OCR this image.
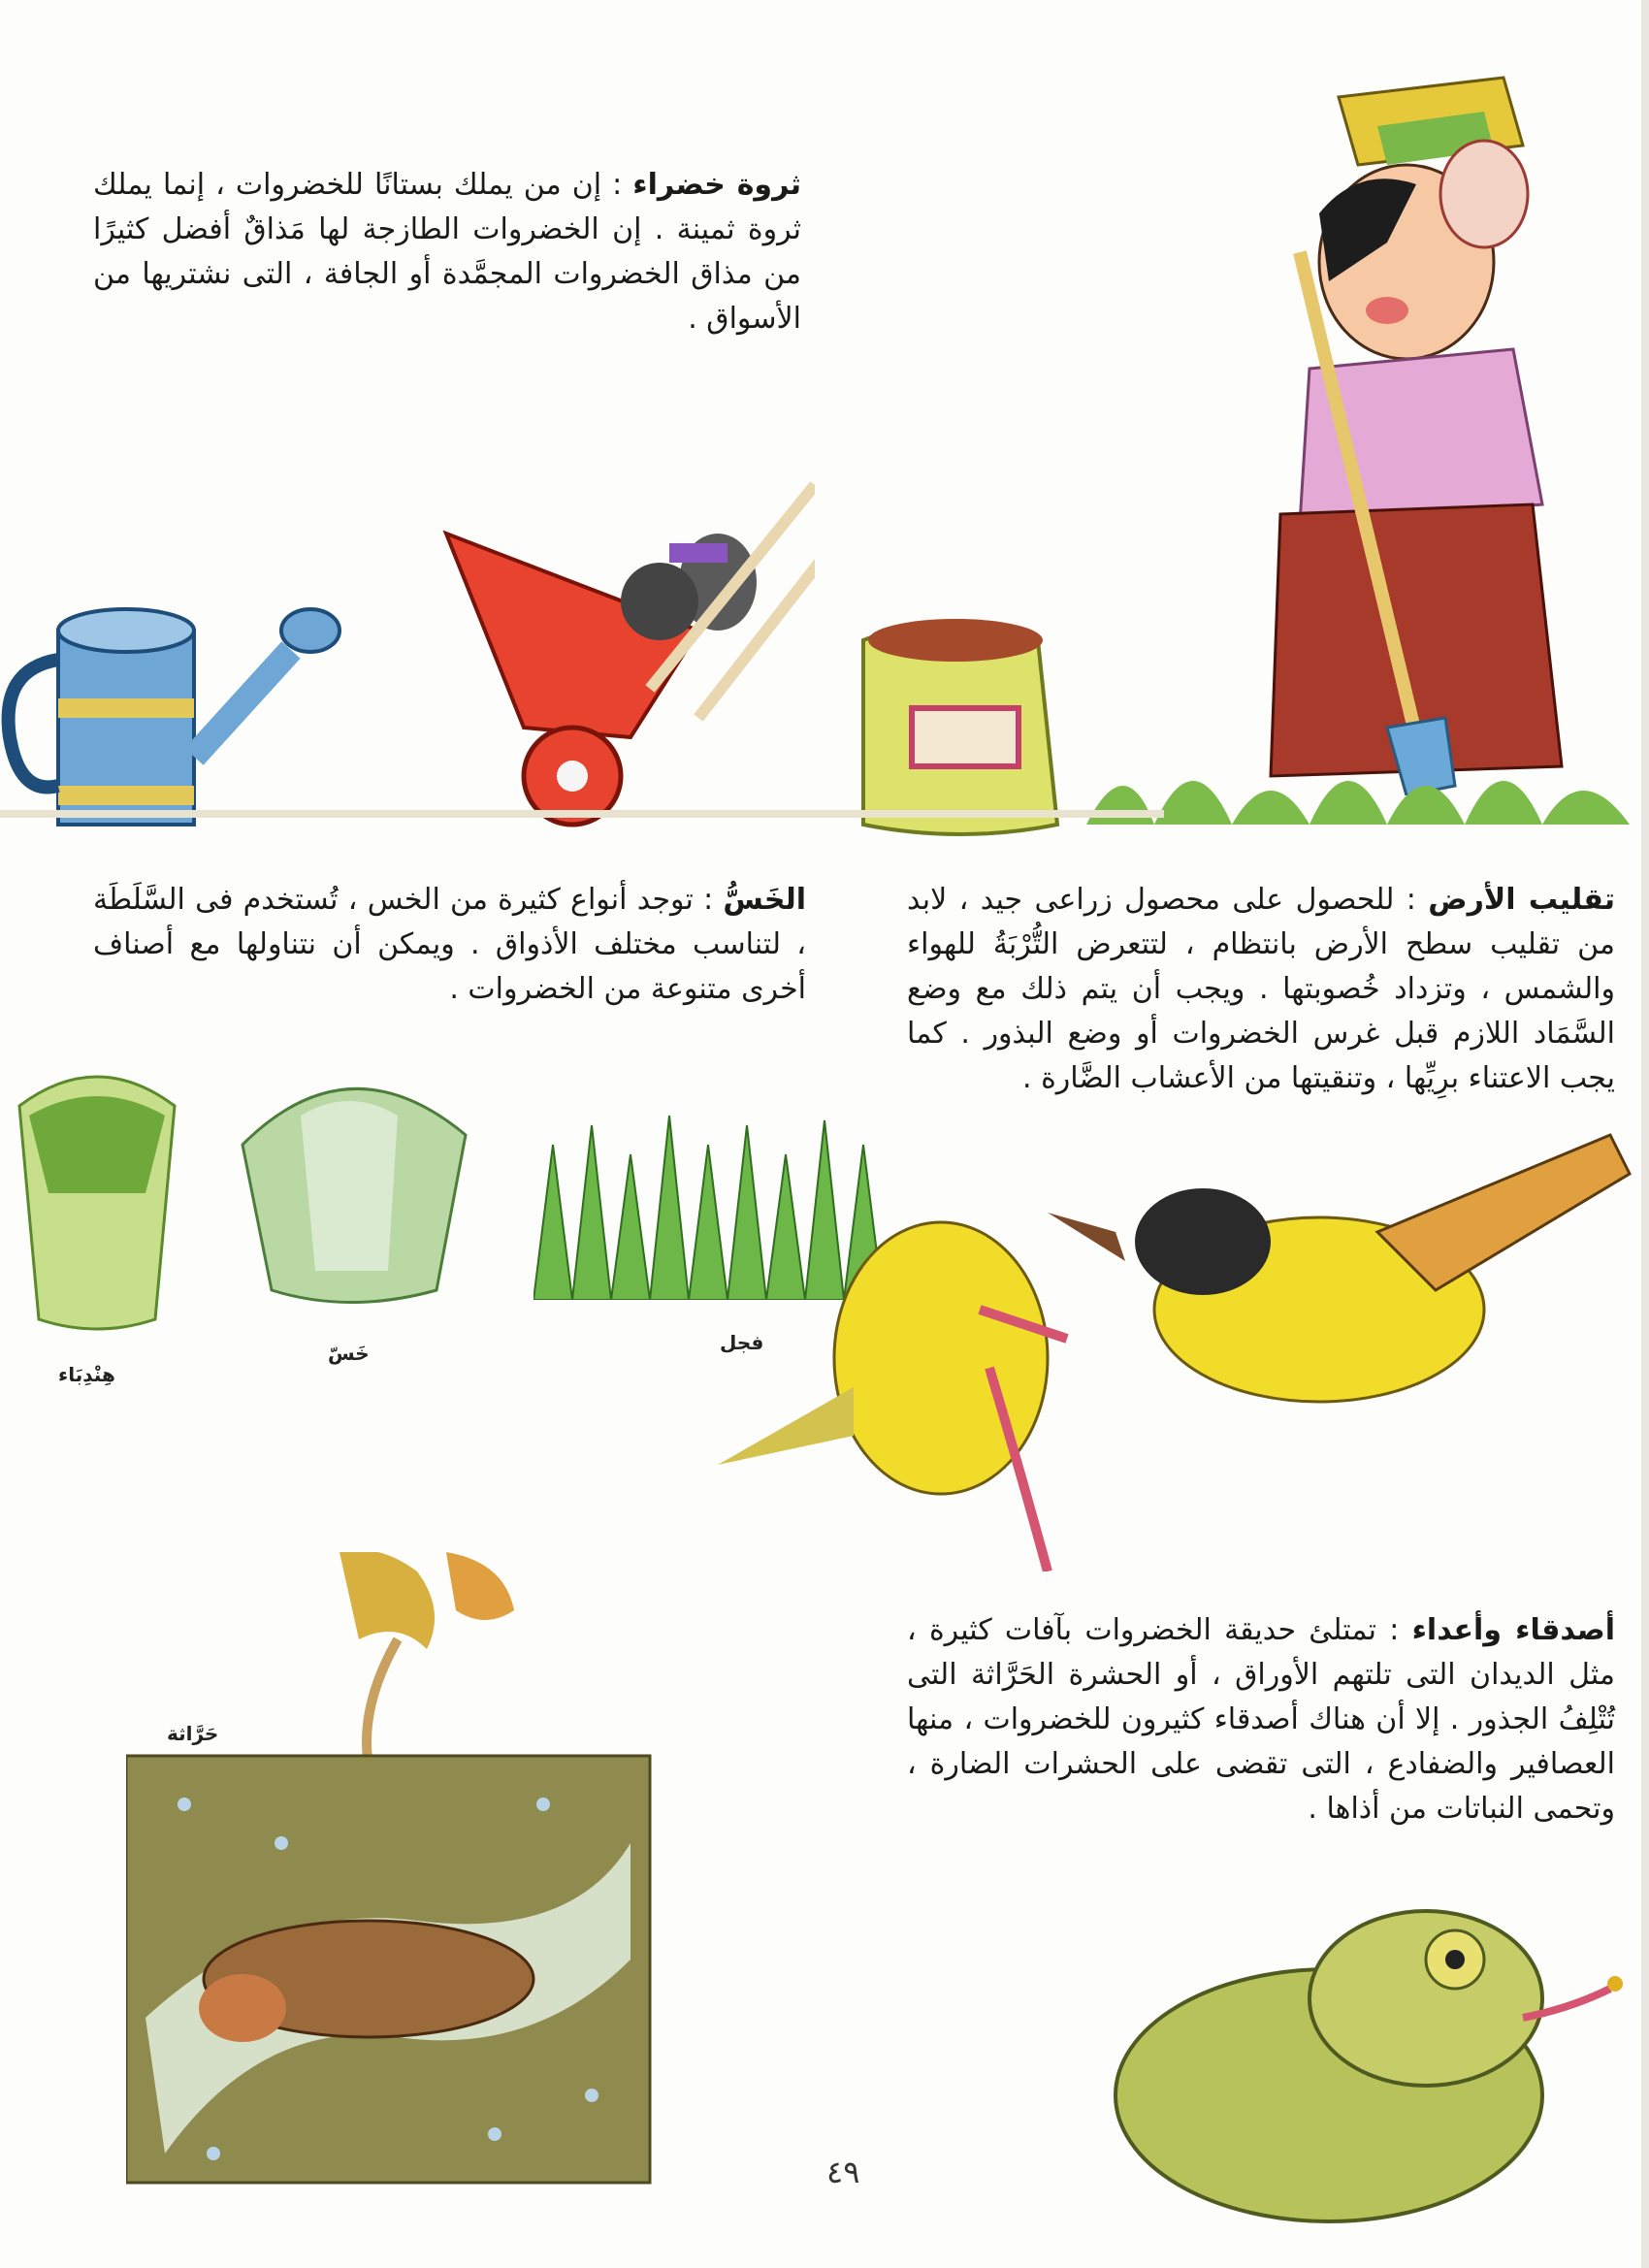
ثروة خضراء : إن من يملك بستانًا للخضروات ، إنما يملك ثروة ثمينة . إن الخضروات الطازجة لها مَذاقٌ أفضل كثيرًا من مذاق الخضروات المجمَّدة أو الجافة ، التى نشتريها من الأسواق .
الخَسُّ : توجد أنواع كثيرة من الخس ، تُستخدم فى السَّلَطَة ، لتناسب مختلف الأذواق . ويمكن أن نتناولها مع أصناف أخرى متنوعة من الخضروات .
تقليب الأرض : للحصول على محصول زراعى جيد ، لابد من تقليب سطح الأرض بانتظام ، لتتعرض التُّرْبَةُ للهواء والشمس ، وتزداد خُصوبتها . ويجب أن يتم ذلك مع وضع السَّمَاد اللازم قبل غرس الخضروات أو وضع البذور . كما يجب الاعتناء برِيِّها ، وتنقيتها من الأعشاب الضَّارة .
هِنْدِبَاء
خَسّ	فجل
أصدقاء وأعداء : تمتلئ حديقة الخضروات بآفات كثيرة ، مثل الديدان التى تلتهم الأوراق ، أو الحشرة الحَرَّاثة التى تُتْلِفُ الجذور . إلا أن هناك أصدقاء كثيرون للخضروات ، منها العصافير والضفادع ، التى تقضى على الحشرات الضارة ، وتحمى النباتات من أذاها .
حَرَّاثة
٤٩
